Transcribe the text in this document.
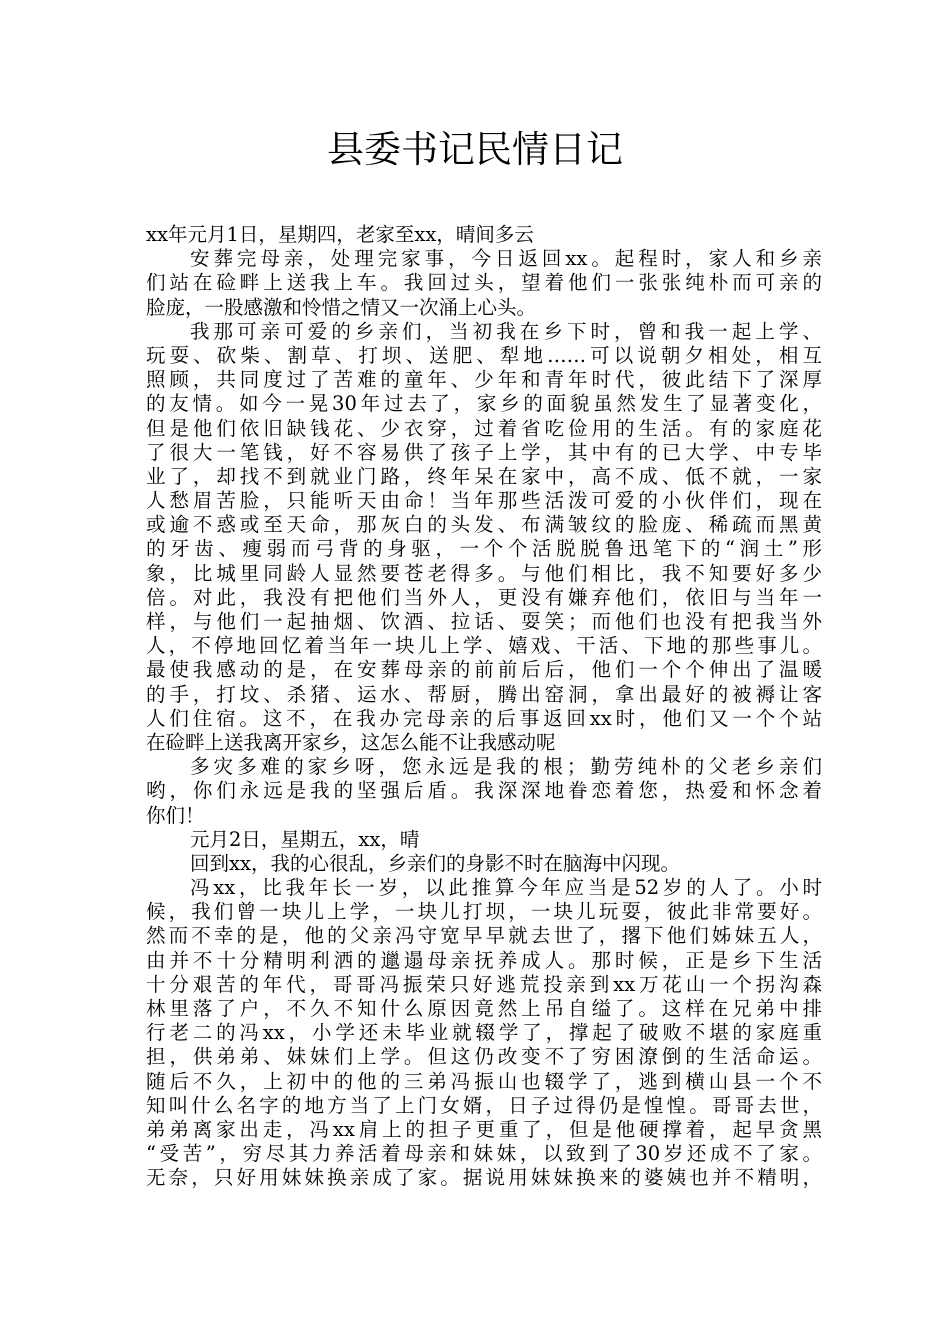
县委书记民情日记
xx年元月1日，星期四，老家至xx，晴间多云
安葬完母亲，处理完家事，今日返回xx。起程时，家人和乡亲
们站在硷畔上送我上车。我回过头，望着他们一张张纯朴而可亲的
脸庞，一股感激和怜惜之情又一次涌上心头。
我那可亲可爱的乡亲们，当初我在乡下时，曾和我一起上学、
玩耍、砍柴、割草、打坝、送肥、犁地……可以说朝夕相处，相互
照顾，共同度过了苦难的童年、少年和青年时代，彼此结下了深厚
的友情。如今一晃30年过去了，家乡的面貌虽然发生了显著变化，
但是他们依旧缺钱花、少衣穿，过着省吃俭用的生活。有的家庭花
了很大一笔钱，好不容易供了孩子上学，其中有的已大学、中专毕
业了，却找不到就业门路，终年呆在家中，高不成、低不就，一家
人愁眉苦脸，只能听天由命！当年那些活泼可爱的小伙伴们，现在
或逾不惑或至天命，那灰白的头发、布满皱纹的脸庞、稀疏而黑黄
的牙齿、瘦弱而弓背的身驱，一个个活脱脱鲁迅笔下的“润土”形
象，比城里同龄人显然要苍老得多。与他们相比，我不知要好多少
倍。对此，我没有把他们当外人，更没有嫌弃他们，依旧与当年一
样，与他们一起抽烟、饮酒、拉话、耍笑；而他们也没有把我当外
人，不停地回忆着当年一块儿上学、嬉戏、干活、下地的那些事儿。
最使我感动的是，在安葬母亲的前前后后，他们一个个伸出了温暖
的手，打坟、杀猪、运水、帮厨，腾出窑洞，拿出最好的被褥让客
人们住宿。这不，在我办完母亲的后事返回xx时，他们又一个个站
在硷畔上送我离开家乡，这怎么能不让我感动呢
多灾多难的家乡呀，您永远是我的根；勤劳纯朴的父老乡亲们
哟，你们永远是我的坚强后盾。我深深地眷恋着您，热爱和怀念着
你们！
元月2日，星期五，xx，晴
回到xx，我的心很乱，乡亲们的身影不时在脑海中闪现。
冯xx，比我年长一岁，以此推算今年应当是52岁的人了。小时
候，我们曾一块儿上学，一块儿打坝，一块儿玩耍，彼此非常要好。
然而不幸的是，他的父亲冯守宽早早就去世了，撂下他们姊妹五人，
由并不十分精明利洒的邋遢母亲抚养成人。那时候，正是乡下生活
十分艰苦的年代，哥哥冯振荣只好逃荒投亲到xx万花山一个拐沟森
林里落了户，不久不知什么原因竟然上吊自缢了。这样在兄弟中排
行老二的冯xx，小学还未毕业就辍学了，撑起了破败不堪的家庭重
担，供弟弟、妹妹们上学。但这仍改变不了穷困潦倒的生活命运。
随后不久，上初中的他的三弟冯振山也辍学了，逃到横山县一个不
知叫什么名字的地方当了上门女婿，日子过得仍是惶惶。哥哥去世，
弟弟离家出走，冯xx肩上的担子更重了，但是他硬撑着，起早贪黑
“受苦”，穷尽其力养活着母亲和妹妹，以致到了30岁还成不了家。
无奈，只好用妹妹换亲成了家。据说用妹妹换来的婆姨也并不精明，
